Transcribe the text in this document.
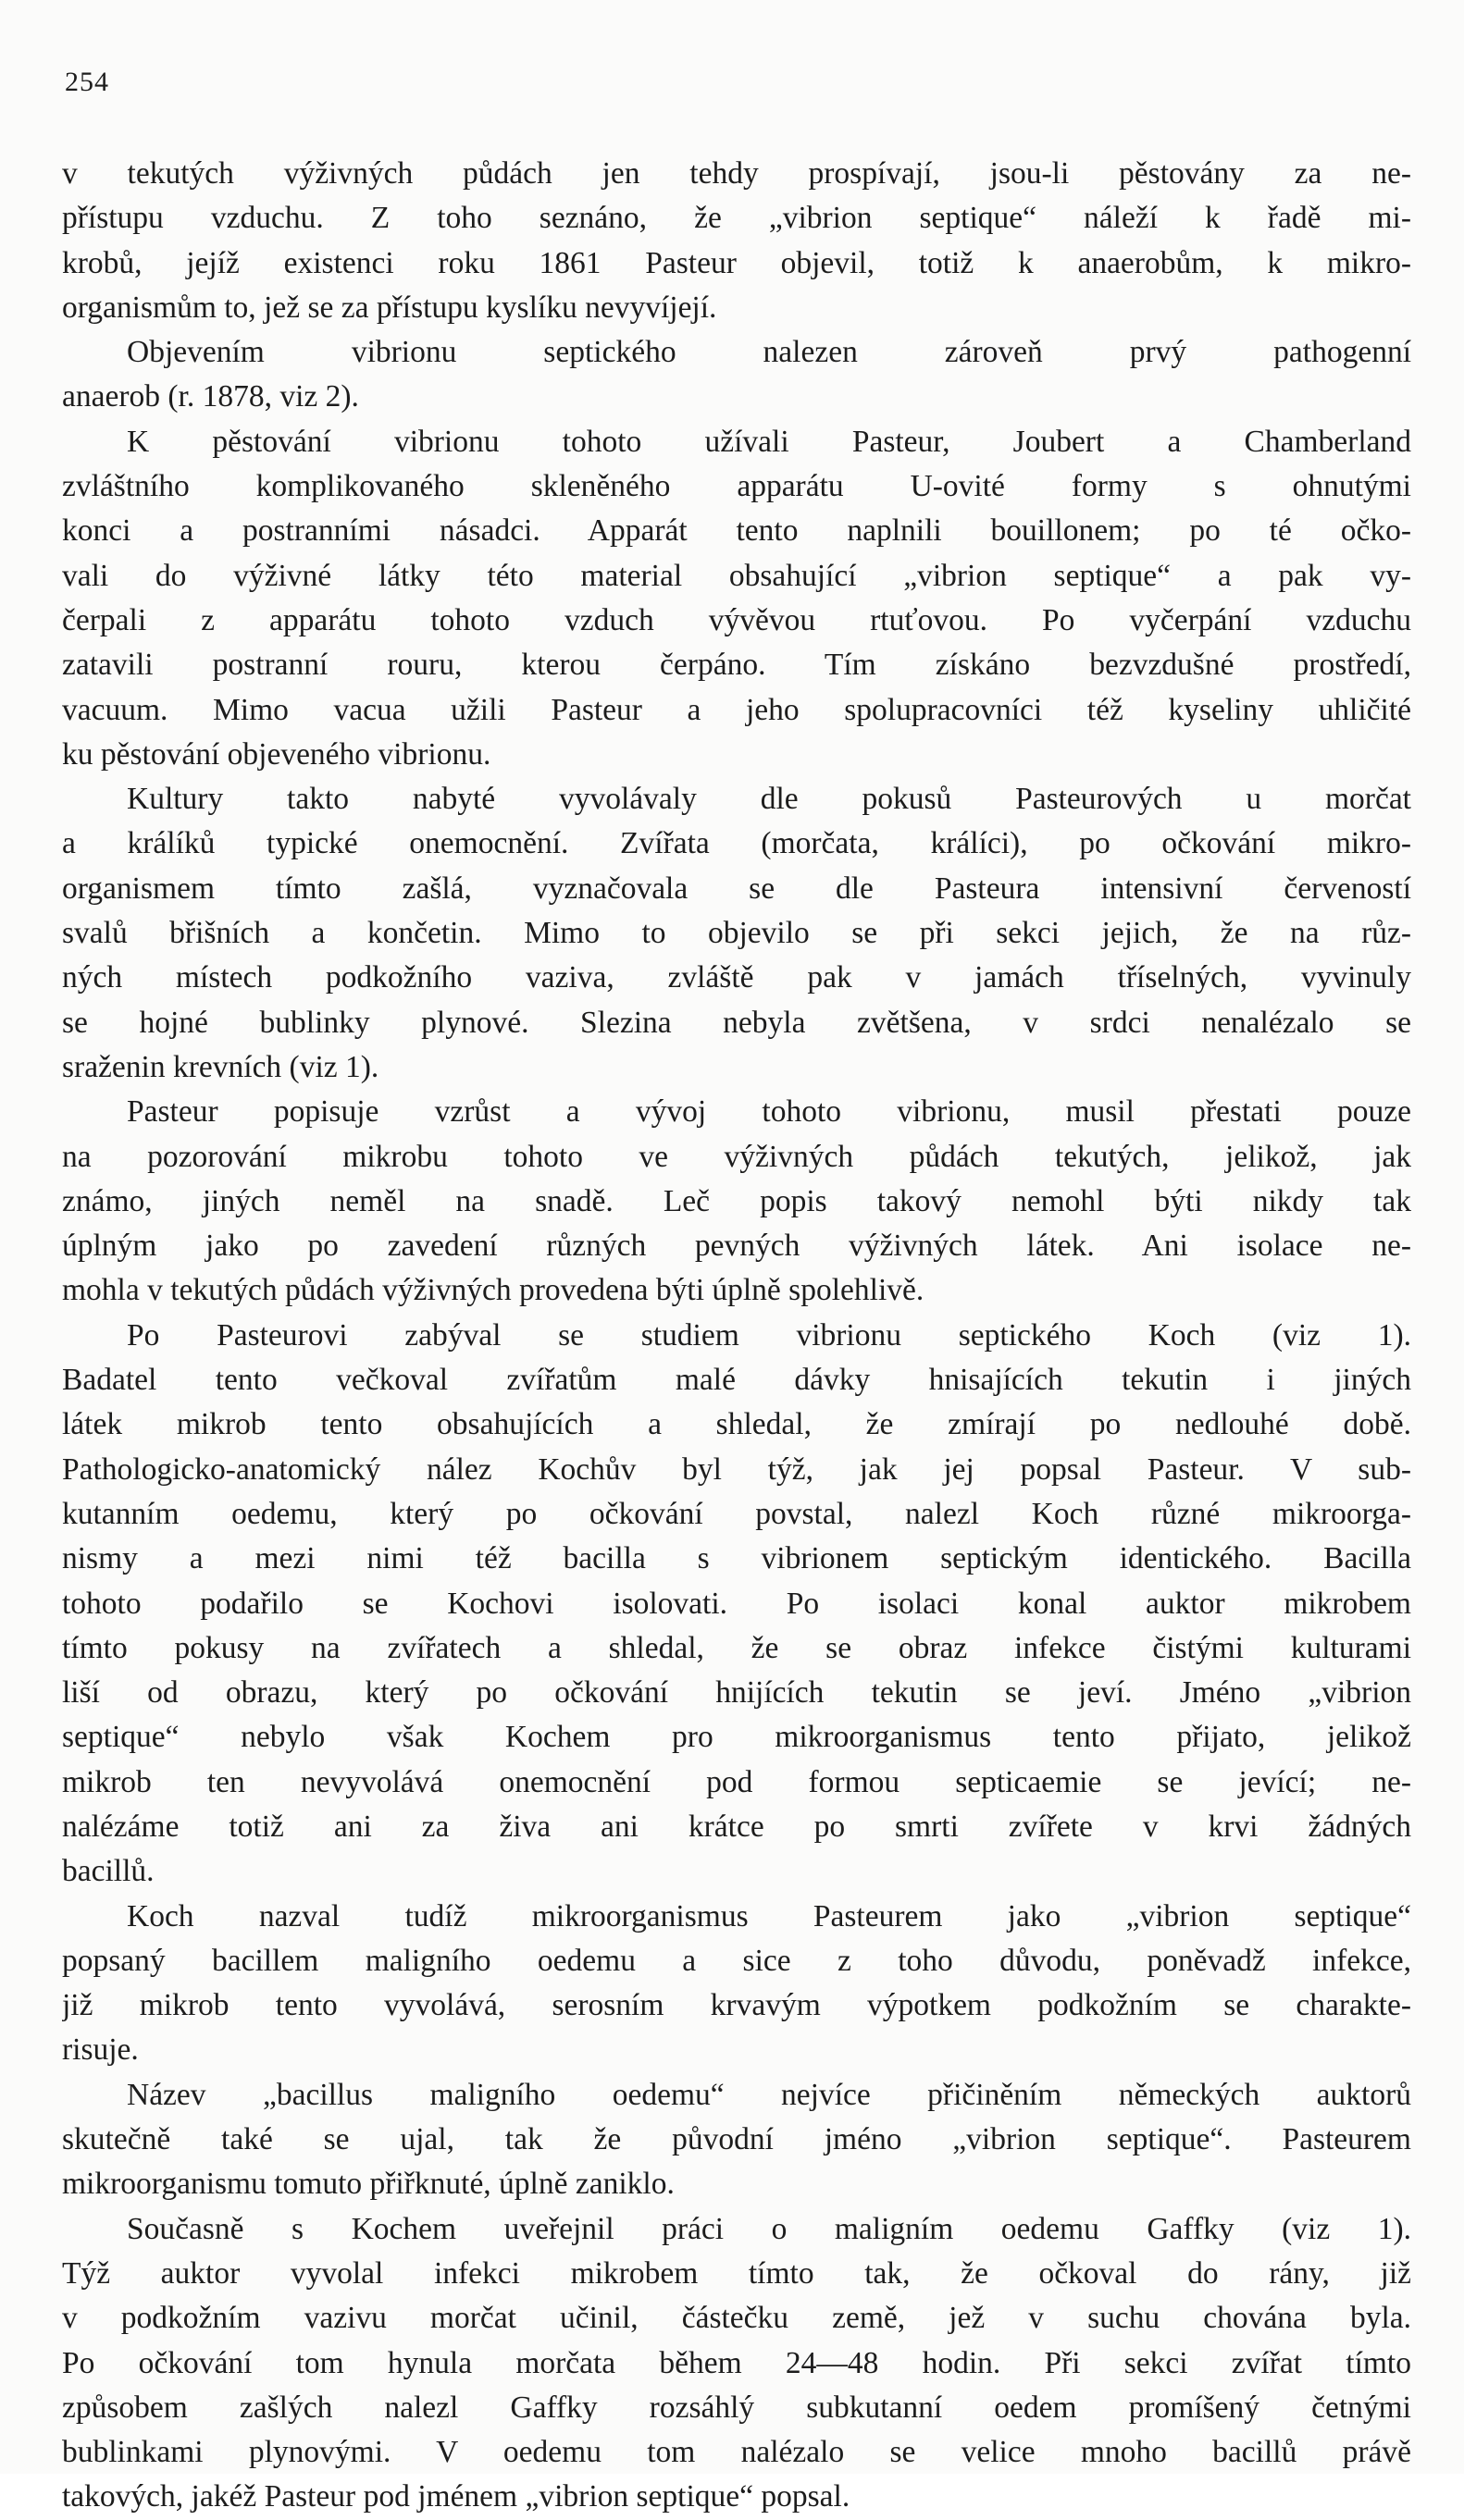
254
v tekutých výživných půdách jen tehdy prospívají, jsou-li pěstovány za ne-
přístupu vzduchu. Z toho seznáno, že „vibrion septique“ náleží k řadě mi-
krobů, jejíž existenci roku 1861 Pasteur objevil, totiž k anaerobům, k mikro-
organismům to, jež se za přístupu kyslíku nevyvíjejí.
Objevením vibrionu septického nalezen zároveň prvý pathogenní
anaerob (r. 1878, viz 2).
K pěstování vibrionu tohoto užívali Pasteur, Joubert a Chamberland
zvláštního komplikovaného skleněného apparátu U-ovité formy s ohnutými
konci a postranními násadci. Apparát tento naplnili bouillonem; po té očko-
vali do výživné látky této material obsahující „vibrion septique“ a pak vy-
čerpali z apparátu tohoto vzduch vývěvou rtuťovou. Po vyčerpání vzduchu
zatavili postranní rouru, kterou čerpáno. Tím získáno bezvzdušné prostředí,
vacuum. Mimo vacua užili Pasteur a jeho spolupracovníci též kyseliny uhličité
ku pěstování objeveného vibrionu.
Kultury takto nabyté vyvolávaly dle pokusů Pasteurových u morčat
a králíků typické onemocnění. Zvířata (morčata, králíci), po očkování mikro-
organismem tímto zašlá, vyznačovala se dle Pasteura intensivní červeností
svalů břišních a končetin. Mimo to objevilo se při sekci jejich, že na růz-
ných místech podkožního vaziva, zvláště pak v jamách tříselných, vyvinuly
se hojné bublinky plynové. Slezina nebyla zvětšena, v srdci nenalézalo se
sraženin krevních (viz 1).
Pasteur popisuje vzrůst a vývoj tohoto vibrionu, musil přestati pouze
na pozorování mikrobu tohoto ve výživných půdách tekutých, jelikož, jak
známo, jiných neměl na snadě. Leč popis takový nemohl býti nikdy tak
úplným jako po zavedení různých pevných výživných látek. Ani isolace ne-
mohla v tekutých půdách výživných provedena býti úplně spolehlivě.
Po Pasteurovi zabýval se studiem vibrionu septického Koch (viz 1).
Badatel tento večkoval zvířatům malé dávky hnisajících tekutin i jiných
látek mikrob tento obsahujících a shledal, že zmírají po nedlouhé době.
Pathologicko-anatomický nález Kochův byl týž, jak jej popsal Pasteur. V sub-
kutanním oedemu, který po očkování povstal, nalezl Koch různé mikroorga-
nismy a mezi nimi též bacilla s vibrionem septickým identického. Bacilla
tohoto podařilo se Kochovi isolovati. Po isolaci konal auktor mikrobem
tímto pokusy na zvířatech a shledal, že se obraz infekce čistými kulturami
liší od obrazu, který po očkování hnijících tekutin se jeví. Jméno „vibrion
septique“ nebylo však Kochem pro mikroorganismus tento přijato, jelikož
mikrob ten nevyvolává onemocnění pod formou septicaemie se jevící; ne-
nalézáme totiž ani za živa ani krátce po smrti zvířete v krvi žádných
bacillů.
Koch nazval tudíž mikroorganismus Pasteurem jako „vibrion septique“
popsaný bacillem maligního oedemu a sice z toho důvodu, poněvadž infekce,
již mikrob tento vyvolává, serosním krvavým výpotkem podkožním se charakte-
risuje.
Název „bacillus maligního oedemu“ nejvíce přičiněním německých auktorů
skutečně také se ujal, tak že původní jméno „vibrion septique“. Pasteurem
mikroorganismu tomuto přiřknuté, úplně zaniklo.
Současně s Kochem uveřejnil práci o maligním oedemu Gaffky (viz 1).
Týž auktor vyvolal infekci mikrobem tímto tak, že očkoval do rány, již
v podkožním vazivu morčat učinil, částečku země, jež v suchu chována byla.
Po očkování tom hynula morčata během 24—48 hodin. Při sekci zvířat tímto
způsobem zašlých nalezl Gaffky rozsáhlý subkutanní oedem promíšený četnými
bublinkami plynovými. V oedemu tom nalézalo se velice mnoho bacillů právě
takových, jakéž Pasteur pod jménem „vibrion septique“ popsal.
